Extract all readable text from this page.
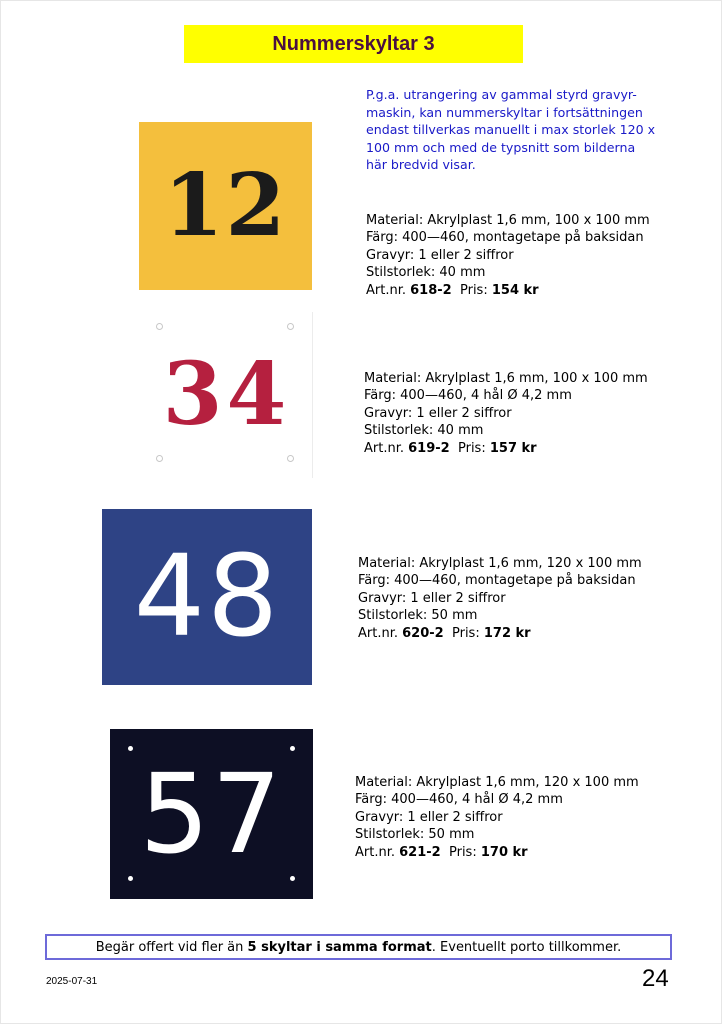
Nummerskyltar 3
P.g.a. utrangering av gammal styrd gravyr-
maskin, kan nummerskyltar i fortsättningen
endast tillverkas manuellt i max storlek 120 x
100 mm och med de typsnitt som bilderna
här bredvid visar.
12
34
48
57
Material: Akrylplast 1,6 mm, 100 x 100 mm
Färg: 400—460, montagetape på baksidan
Gravyr: 1 eller 2 siffror
Stilstorlek: 40 mm
Art.nr. 618-2 Pris: 154 kr
Material: Akrylplast 1,6 mm, 100 x 100 mm
Färg: 400—460, 4 hål Ø 4,2 mm
Gravyr: 1 eller 2 siffror
Stilstorlek: 40 mm
Art.nr. 619-2 Pris: 157 kr
Material: Akrylplast 1,6 mm, 120 x 100 mm
Färg: 400—460, montagetape på baksidan
Gravyr: 1 eller 2 siffror
Stilstorlek: 50 mm
Art.nr. 620-2 Pris: 172 kr
Material: Akrylplast 1,6 mm, 120 x 100 mm
Färg: 400—460, 4 hål Ø 4,2 mm
Gravyr: 1 eller 2 siffror
Stilstorlek: 50 mm
Art.nr. 621-2 Pris: 170 kr
Begär offert vid fler än
5 skyltar i samma format . Eventuellt porto tillkommer.
2025-07-31	24
